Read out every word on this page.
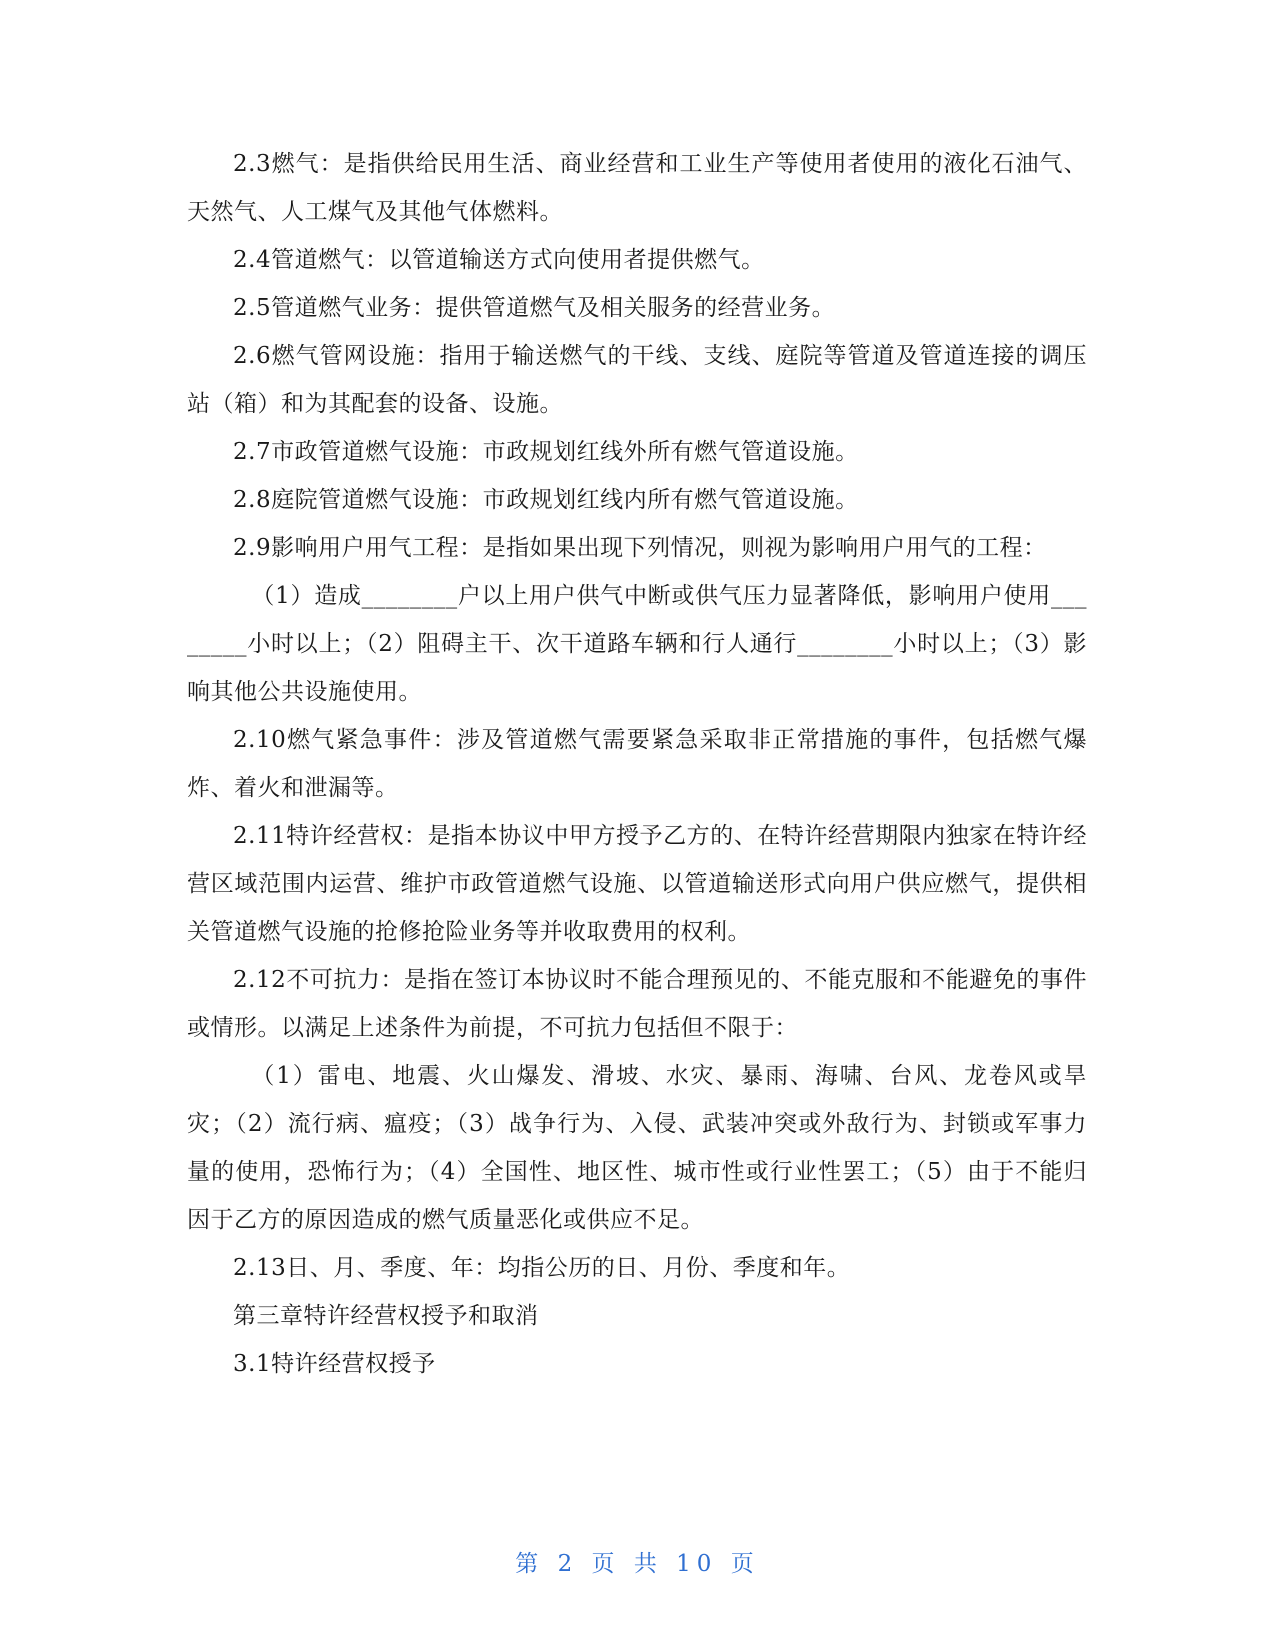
2.3燃气：是指供给民用生活、商业经营和工业生产等使用者使用的液化石油气、天然气、人工煤气及其他气体燃料。

2.4管道燃气：以管道输送方式向使用者提供燃气。

2.5管道燃气业务：提供管道燃气及相关服务的经营业务。

2.6燃气管网设施：指用于输送燃气的干线、支线、庭院等管道及管道连接的调压站（箱）和为其配套的设备、设施。

2.7市政管道燃气设施：市政规划红线外所有燃气管道设施。

2.8庭院管道燃气设施：市政规划红线内所有燃气管道设施。

2.9影响用户用气工程：是指如果出现下列情况，则视为影响用户用气的工程：

（1）造成________户以上用户供气中断或供气压力显著降低，影响用户使用________小时以上；（2）阻碍主干、次干道路车辆和行人通行________小时以上；（3）影响其他公共设施使用。

2.10燃气紧急事件：涉及管道燃气需要紧急采取非正常措施的事件，包括燃气爆炸、着火和泄漏等。

2.11特许经营权：是指本协议中甲方授予乙方的、在特许经营期限内独家在特许经营区域范围内运营、维护市政管道燃气设施、以管道输送形式向用户供应燃气，提供相关管道燃气设施的抢修抢险业务等并收取费用的权利。

2.12不可抗力：是指在签订本协议时不能合理预见的、不能克服和不能避免的事件或情形。以满足上述条件为前提，不可抗力包括但不限于：

（1）雷电、地震、火山爆发、滑坡、水灾、暴雨、海啸、台风、龙卷风或旱灾；（2）流行病、瘟疫；（3）战争行为、入侵、武装冲突或外敌行为、封锁或军事力量的使用，恐怖行为；（4）全国性、地区性、城市性或行业性罢工；（5）由于不能归因于乙方的原因造成的燃气质量恶化或供应不足。

2.13日、月、季度、年：均指公历的日、月份、季度和年。

第三章特许经营权授予和取消

3.1特许经营权授予

第 2 页 共 10 页
